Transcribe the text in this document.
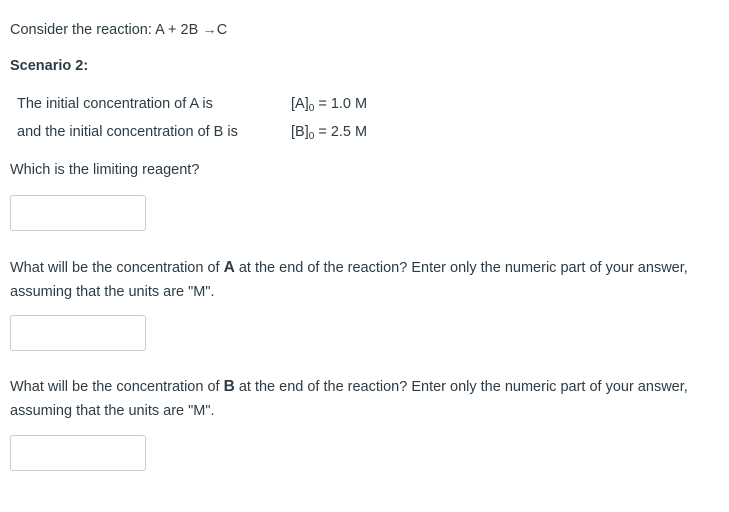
Consider the reaction: A + 2B →C
Scenario 2:
The initial concentration of A is	$[A]_0 = 1.0$ M
and the initial concentration of B is	$[B]_0 = 2.5$ M
Which is the limiting reagent?
What will be the concentration of A at the end of the reaction? Enter only the numeric part of your answer, assuming that the units are "M".
What will be the concentration of B at the end of the reaction? Enter only the numeric part of your answer, assuming that the units are "M".
